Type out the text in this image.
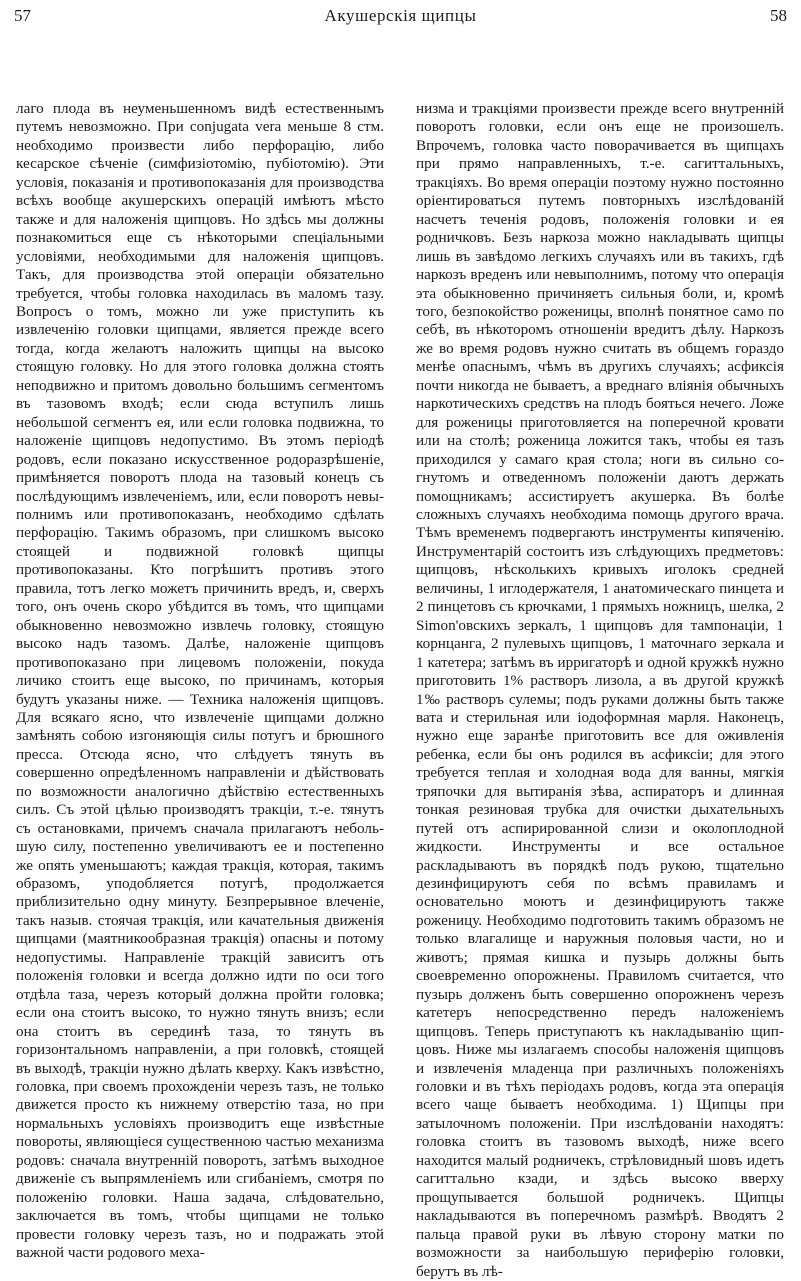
57	Акушерскія щипцы	58

лаго плода въ неуменьшенномъ видѣ естественнымъ путемъ невозможно. При conjugata vera меньше 8 стм. необходимо произвести либо перфорацію, либо кесарское сѣченіе (симфизіотомію, пубіотомію). Эти условія, показанія и противопоказанія для производства всѣхъ вообще акушерскихъ операцій имѣютъ мѣсто также и для наложенія щипцовъ. Но здѣсь мы должны познакомиться еще съ нѣкоторыми спеціальными условіями, необходимыми для наложенія щипцовъ. Такъ, для производства этой операціи обязательно требуется, чтобы головка находилась въ маломъ тазу. Вопросъ о томъ, можно ли уже приступить къ извлеченію головки щипцами, является прежде всего тогда, когда желаютъ наложить щипцы на высоко стоящую головку. Но для этого головка должна стоять неподвижно и притомъ довольно большимъ сегментомъ въ тазовомъ входѣ; если сюда вступилъ лишь небольшой сегментъ ея, или если головка подвижна, то наложеніе щипцовъ недопустимо. Въ этомъ періодѣ родовъ, если показано искусственное родоразрѣшеніе, примѣняется поворотъ плода на тазовый конецъ съ послѣдующимъ извлеченіемъ, или, если поворотъ невыполнимъ или противопоказанъ, необходимо сдѣлать перфорацію. Такимъ образомъ, при слишкомъ высоко стоящей и подвижной головкѣ щипцы противопоказаны. Кто погрѣшитъ противъ этого правила, тотъ легко можетъ причинить вредъ, и, сверхъ того, онъ очень скоро убѣдится въ томъ, что щипцами обыкновенно невозможно извлечь головку, стоящую высоко надъ тазомъ. Далѣе, наложеніе щипцовъ противопоказано при лицевомъ положеніи, покуда личико стоитъ еще высоко, по причинамъ, которыя будутъ указаны ниже. — Техника наложенія щипцовъ. Для всякаго ясно, что извлеченіе щипцами должно замѣнять собою изгоняющія силы потугъ и брюшного пресса. Отсюда ясно, что слѣдуетъ тянуть въ совершенно опредѣленномъ направленіи и дѣйствовать по возможности аналогично дѣйствію естественныхъ силъ. Съ этой цѣлью производятъ тракціи, т.-е. тянутъ съ остановками, причемъ сначала прилагаютъ небольшую силу, постепенно увеличиваютъ ее и постепенно же опять уменьшаютъ; каждая тракція, которая, такимъ образомъ, уподобляется потугѣ, продолжается приблизительно одну минуту. Безпрерывное влеченіе, такъ назыв. стоячая тракція, или качательныя движенія щипцами (маятникообразная тракція) опасны и потому недопустимы. Направленіе тракцій зависитъ отъ положенія головки и всегда должно идти по оси того отдѣла таза, черезъ который должна пройти головка; если она стоитъ высоко, то нужно тянуть внизъ; если она стоитъ въ серединѣ таза, то тянуть въ горизонтальномъ направленіи, а при головкѣ, стоящей въ выходѣ, тракціи нужно дѣлать кверху. Какъ извѣстно, головка, при своемъ прохожденіи черезъ тазъ, не только движется просто къ нижнему отверстію таза, но при нормальныхъ условіяхъ производитъ еще извѣстные повороты, являющіеся существенною частью механизма родовъ: сначала внутренній поворотъ, затѣмъ выходное движеніе съ выпрямленіемъ или сгибаніемъ, смотря по положенію головки. Наша задача, слѣдовательно, заключается въ томъ, чтобы щипцами не только провести головку черезъ тазъ, но и подражать этой важной части родового меха-

низма и тракціями произвести прежде всего внутренній поворотъ головки, если онъ еще не произошелъ. Впрочемъ, головка часто поворачивается въ щипцахъ при прямо направленныхъ, т.-е. сагиттальныхъ, тракціяхъ. Во время операціи поэтому нужно постоянно оріентироваться путемъ повторныхъ изслѣдованій насчетъ теченія родовъ, положенія головки и ея родничковъ. Безъ наркоза можно накладывать щипцы лишь въ завѣдомо легкихъ случаяхъ или въ такихъ, гдѣ наркозъ вреденъ или невыполнимъ, потому что операція эта обыкновенно причиняетъ сильныя боли, и, кромѣ того, безпокойство роженицы, вполнѣ понятное само по себѣ, въ нѣкоторомъ отношеніи вредитъ дѣлу. Наркозъ же во время родовъ нужно считать въ общемъ гораздо менѣе опаснымъ, чѣмъ въ другихъ случаяхъ; асфиксія почти никогда не бываетъ, а вреднаго вліянія обычныхъ наркотическихъ средствъ на плодъ бояться нечего. Ложе для роженицы приготовляется на поперечной кровати или на столѣ; роженица ложится такъ, чтобы ея тазъ приходился у самаго края стола; ноги въ сильно согнутомъ и отведенномъ положеніи даютъ держать помощникамъ; ассистируетъ акушерка. Въ болѣе сложныхъ случаяхъ необходима помощь другого врача. Тѣмъ временемъ подвергаютъ инструменты кипяченію. Инструментарій состоитъ изъ слѣдующихъ предметовъ: щипцовъ, нѣсколькихъ кривыхъ иголокъ средней величины, 1 иглодержателя, 1 анатомическаго пинцета и 2 пинцетовъ съ крючками, 1 прямыхъ ножницъ, шелка, 2 Simon'овскихъ зеркалъ, 1 щипцовъ для тампонаціи, 1 корнцанга, 2 пулевыхъ щипцовъ, 1 маточнаго зеркала и 1 катетера; затѣмъ въ ирригаторѣ и одной кружкѣ нужно приготовить 1% растворъ лизола, а въ другой кружкѣ 1‰ растворъ сулемы; подъ руками должны быть также вата и стерильная или іодоформная марля. Наконецъ, нужно еще заранѣе приготовить все для оживленія ребенка, если бы онъ родился въ асфиксіи; для этого требуется теплая и холодная вода для ванны, мягкія тряпочки для вытиранія зѣва, аспираторъ и длинная тонкая резиновая трубка для очистки дыхательныхъ путей отъ аспирированной слизи и околоплодной жидкости. Инструменты и все остальное раскладываютъ въ порядкѣ подъ рукою, тщательно дезинфицируютъ себя по всѣмъ правиламъ и основательно моютъ и дезинфицируютъ также роженицу. Необходимо подготовить такимъ образомъ не только влагалище и наружныя половыя части, но и животъ; прямая кишка и пузырь должны быть своевременно опорожнены. Правиломъ считается, что пузырь долженъ быть совершенно опорожненъ черезъ катетеръ непосредственно передъ наложеніемъ щипцовъ. Теперь приступаютъ къ накладыванію щипцовъ. Ниже мы излагаемъ способы наложенія щипцовъ и извлеченія младенца при различныхъ положеніяхъ головки и въ тѣхъ періодахъ родовъ, когда эта операція всего чаще бываетъ необходима. 1) Щипцы при затылочномъ положеніи. При изслѣдованіи находятъ: головка стоитъ въ тазовомъ выходѣ, ниже всего находится малый родничекъ, стрѣловидный шовъ идетъ сагиттально кзади, и здѣсь высоко вверху прощупывается большой родничекъ. Щипцы накладываются въ поперечномъ размѣрѣ. Вводятъ 2 пальца правой руки въ лѣвую сторону матки по возможности за наибольшую периферію головки, берутъ въ лѣ-
